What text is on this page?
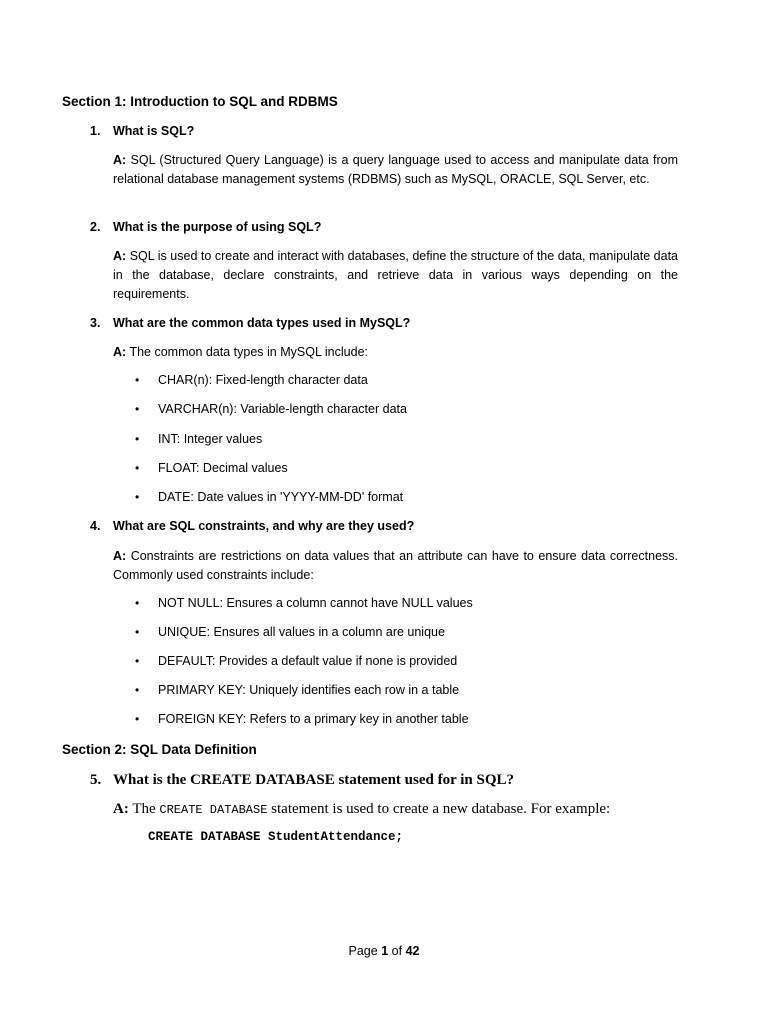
Section 1: Introduction to SQL and RDBMS
1. What is SQL?
A: SQL (Structured Query Language) is a query language used to access and manipulate data from relational database management systems (RDBMS) such as MySQL, ORACLE, SQL Server, etc.
2. What is the purpose of using SQL?
A: SQL is used to create and interact with databases, define the structure of the data, manipulate data in the database, declare constraints, and retrieve data in various ways depending on the requirements.
3. What are the common data types used in MySQL?
A: The common data types in MySQL include:
• CHAR(n): Fixed-length character data
• VARCHAR(n): Variable-length character data
• INT: Integer values
• FLOAT: Decimal values
• DATE: Date values in 'YYYY-MM-DD' format
4. What are SQL constraints, and why are they used?
A: Constraints are restrictions on data values that an attribute can have to ensure data correctness. Commonly used constraints include:
• NOT NULL: Ensures a column cannot have NULL values
• UNIQUE: Ensures all values in a column are unique
• DEFAULT: Provides a default value if none is provided
• PRIMARY KEY: Uniquely identifies each row in a table
• FOREIGN KEY: Refers to a primary key in another table
Section 2: SQL Data Definition
5. What is the CREATE DATABASE statement used for in SQL?
A: The CREATE DATABASE statement is used to create a new database. For example:
CREATE DATABASE StudentAttendance;
Page 1 of 42
